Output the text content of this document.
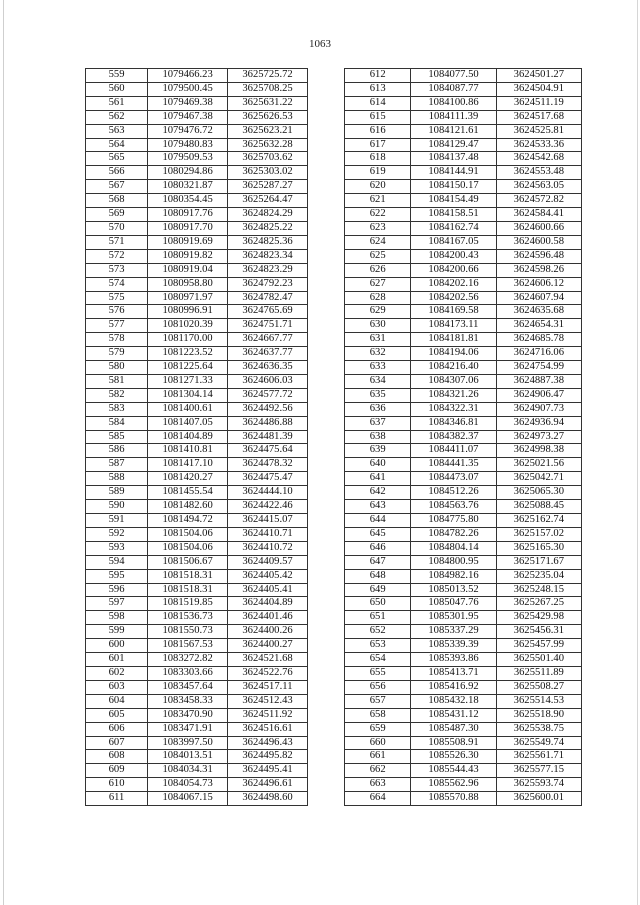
1063
559	1079466.23	3625725.72
560	1079500.45	3625708.25
561	1079469.38	3625631.22
562	1079467.38	3625626.53
563	1079476.72	3625623.21
564	1079480.83	3625632.28
565	1079509.53	3625703.62
566	1080294.86	3625303.02
567	1080321.87	3625287.27
568	1080354.45	3625264.47
569	1080917.76	3624824.29
570	1080917.70	3624825.22
571	1080919.69	3624825.36
572	1080919.82	3624823.34
573	1080919.04	3624823.29
574	1080958.80	3624792.23
575	1080971.97	3624782.47
576	1080996.91	3624765.69
577	1081020.39	3624751.71
578	1081170.00	3624667.77
579	1081223.52	3624637.77
580	1081225.64	3624636.35
581	1081271.33	3624606.03
582	1081304.14	3624577.72
583	1081400.61	3624492.56
584	1081407.05	3624486.88
585	1081404.89	3624481.39
586	1081410.81	3624475.64
587	1081417.10	3624478.32
588	1081420.27	3624475.47
589	1081455.54	3624444.10
590	1081482.60	3624422.46
591	1081494.72	3624415.07
592	1081504.06	3624410.71
593	1081504.06	3624410.72
594	1081506.67	3624409.57
595	1081518.31	3624405.42
596	1081518.31	3624405.41
597	1081519.85	3624404.89
598	1081536.73	3624401.46
599	1081550.73	3624400.26
600	1081567.53	3624400.27
601	1083272.82	3624521.68
602	1083303.66	3624522.76
603	1083457.64	3624517.11
604	1083458.33	3624512.43
605	1083470.90	3624511.92
606	1083471.91	3624516.61
607	1083997.50	3624496.43
608	1084013.51	3624495.82
609	1084034.31	3624495.41
610	1084054.73	3624496.61
611	1084067.15	3624498.60
612	1084077.50	3624501.27
613	1084087.77	3624504.91
614	1084100.86	3624511.19
615	1084111.39	3624517.68
616	1084121.61	3624525.81
617	1084129.47	3624533.36
618	1084137.48	3624542.68
619	1084144.91	3624553.48
620	1084150.17	3624563.05
621	1084154.49	3624572.82
622	1084158.51	3624584.41
623	1084162.74	3624600.66
624	1084167.05	3624600.58
625	1084200.43	3624596.48
626	1084200.66	3624598.26
627	1084202.16	3624606.12
628	1084202.56	3624607.94
629	1084169.58	3624635.68
630	1084173.11	3624654.31
631	1084181.81	3624685.78
632	1084194.06	3624716.06
633	1084216.40	3624754.99
634	1084307.06	3624887.38
635	1084321.26	3624906.47
636	1084322.31	3624907.73
637	1084346.81	3624936.94
638	1084382.37	3624973.27
639	1084411.07	3624998.38
640	1084441.35	3625021.56
641	1084473.07	3625042.71
642	1084512.26	3625065.30
643	1084563.76	3625088.45
644	1084775.80	3625162.74
645	1084782.26	3625157.02
646	1084804.14	3625165.30
647	1084800.95	3625171.67
648	1084982.16	3625235.04
649	1085013.52	3625248.15
650	1085047.76	3625267.25
651	1085301.95	3625429.98
652	1085337.29	3625456.31
653	1085339.39	3625457.99
654	1085393.86	3625501.40
655	1085413.71	3625511.89
656	1085416.92	3625508.27
657	1085432.18	3625514.53
658	1085431.12	3625518.90
659	1085487.30	3625538.75
660	1085508.91	3625549.74
661	1085526.30	3625561.71
662	1085544.43	3625577.15
663	1085562.96	3625593.74
664	1085570.88	3625600.01
